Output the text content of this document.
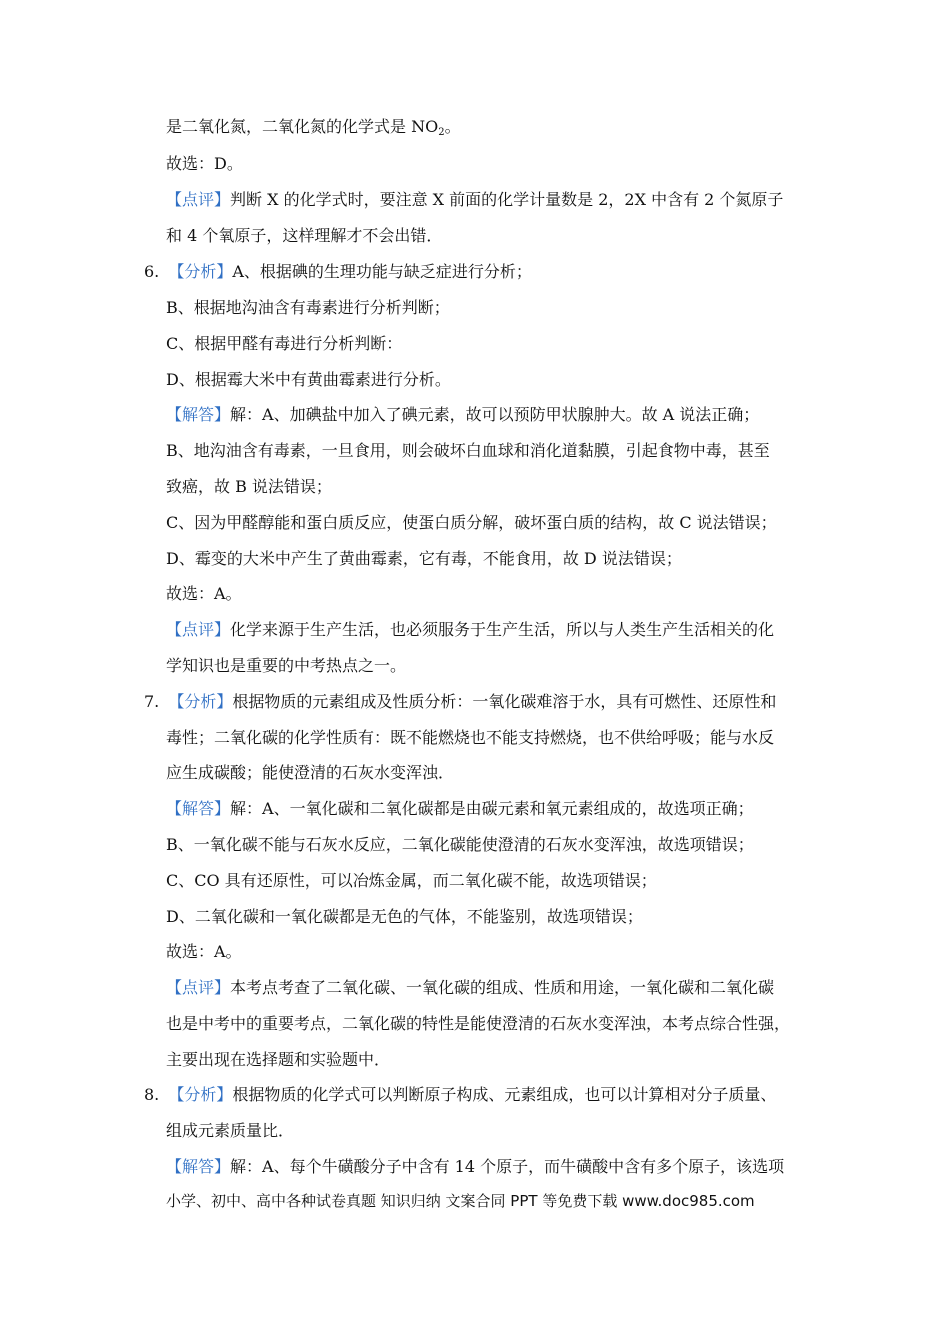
是二氧化氮，二氧化氮的化学式是 $NO_2$。
故选：D。
【点评】判断 X 的化学式时，要注意 X 前面的化学计量数是 2，2X 中含有 2 个氮原子
和 4 个氧原子，这样理解才不会出错．
6. 【分析】A、根据碘的生理功能与缺乏症进行分析；
B、根据地沟油含有毒素进行分析判断；
C、根据甲醛有毒进行分析判断：
D、根据霉大米中有黄曲霉素进行分析。
【解答】解：A、加碘盐中加入了碘元素，故可以预防甲状腺肿大。故 A 说法正确；
B、地沟油含有毒素，一旦食用，则会破坏白血球和消化道黏膜，引起食物中毒，甚至
致癌，故 B 说法错误；
C、因为甲醛醇能和蛋白质反应，使蛋白质分解，破坏蛋白质的结构，故 C 说法错误；
D、霉变的大米中产生了黄曲霉素，它有毒，不能食用，故 D 说法错误；
故选：A。
【点评】化学来源于生产生活，也必须服务于生产生活，所以与人类生产生活相关的化
学知识也是重要的中考热点之一。
7. 【分析】根据物质的元素组成及性质分析：一氧化碳难溶于水，具有可燃性、还原性和
毒性；二氧化碳的化学性质有：既不能燃烧也不能支持燃烧，也不供给呼吸；能与水反
应生成碳酸；能使澄清的石灰水变浑浊．
【解答】解：A、一氧化碳和二氧化碳都是由碳元素和氧元素组成的，故选项正确；
B、一氧化碳不能与石灰水反应，二氧化碳能使澄清的石灰水变浑浊，故选项错误；
C、CO 具有还原性，可以冶炼金属，而二氧化碳不能，故选项错误；
D、二氧化碳和一氧化碳都是无色的气体，不能鉴别，故选项错误；
故选：A。
【点评】本考点考查了二氧化碳、一氧化碳的组成、性质和用途，一氧化碳和二氧化碳
也是中考中的重要考点，二氧化碳的特性是能使澄清的石灰水变浑浊，本考点综合性强，
主要出现在选择题和实验题中．
8. 【分析】根据物质的化学式可以判断原子构成、元素组成，也可以计算相对分子质量、
组成元素质量比．
【解答】解：A、每个牛磺酸分子中含有 14 个原子，而牛磺酸中含有多个原子，该选项
小学、初中、高中各种试卷真题 知识归纳 文案合同 PPT 等免费下载 www.doc985.com
